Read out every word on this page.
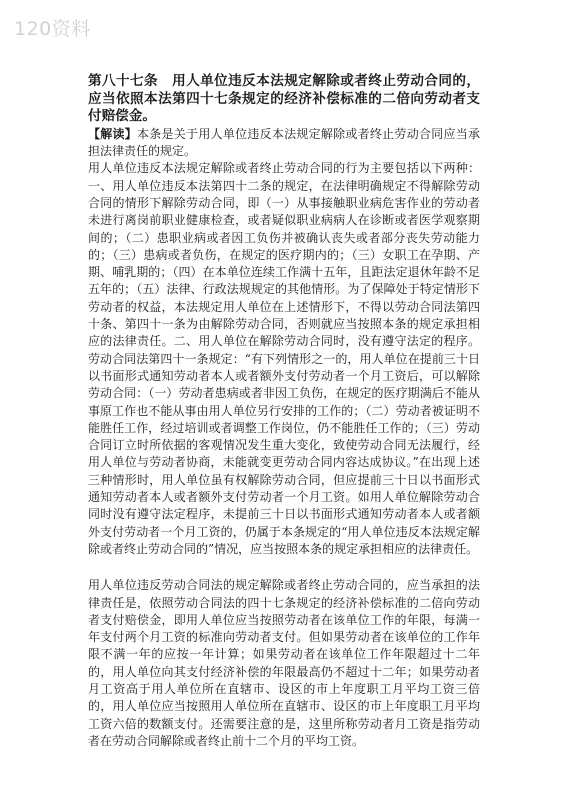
120资料

第八十七条　用人单位违反本法规定解除或者终止劳动合同的，应当依照本法第四十七条规定的经济补偿标准的二倍向劳动者支付赔偿金。

【解读】本条是关于用人单位违反本法规定解除或者终止劳动合同应当承担法律责任的规定。

用人单位违反本法规定解除或者终止劳动合同的行为主要包括以下两种：一、用人单位违反本法第四十二条的规定，在法律明确规定不得解除劳动合同的情形下解除劳动合同，即（一）从事接触职业病危害作业的劳动者未进行离岗前职业健康检查，或者疑似职业病病人在诊断或者医学观察期间的；（二）患职业病或者因工负伤并被确认丧失或者部分丧失劳动能力的；（三）患病或者负伤，在规定的医疗期内的；（三）女职工在孕期、产期、哺乳期的；（四）在本单位连续工作满十五年，且距法定退休年龄不足五年的；（五）法律、行政法规规定的其他情形。为了保障处于特定情形下劳动者的权益，本法规定用人单位在上述情形下，不得以劳动合同法第四十条、第四十一条为由解除劳动合同，否则就应当按照本条的规定承担相应的法律责任。二、用人单位在解除劳动合同时，没有遵守法定的程序。劳动合同法第四十一条规定：“有下列情形之一的，用人单位在提前三十日以书面形式通知劳动者本人或者额外支付劳动者一个月工资后，可以解除劳动合同：（一）劳动者患病或者非因工负伤，在规定的医疗期满后不能从事原工作也不能从事由用人单位另行安排的工作的；（二）劳动者被证明不能胜任工作，经过培训或者调整工作岗位，仍不能胜任工作的；（三）劳动合同订立时所依据的客观情况发生重大变化，致使劳动合同无法履行，经用人单位与劳动者协商，未能就变更劳动合同内容达成协议。”在出现上述三种情形时，用人单位虽有权解除劳动合同，但应提前三十日以书面形式通知劳动者本人或者额外支付劳动者一个月工资。如用人单位解除劳动合同时没有遵守法定程序，未提前三十日以书面形式通知劳动者本人或者额外支付劳动者一个月工资的，仍属于本条规定的“用人单位违反本法规定解除或者终止劳动合同的”情况，应当按照本条的规定承担相应的法律责任。

用人单位违反劳动合同法的规定解除或者终止劳动合同的，应当承担的法律责任是，依照劳动合同法的四十七条规定的经济补偿标准的二倍向劳动者支付赔偿金，即用人单位应当按照劳动者在该单位工作的年限，每满一年支付两个月工资的标准向劳动者支付。但如果劳动者在该单位的工作年限不满一年的应按一年计算；如果劳动者在该单位工作年限超过十二年的，用人单位向其支付经济补偿的年限最高仍不超过十二年；如果劳动者月工资高于用人单位所在直辖市、设区的市上年度职工月平均工资三倍的，用人单位应当按照用人单位所在直辖市、设区的市上年度职工月平均工资六倍的数额支付。还需要注意的是，这里所称劳动者月工资是指劳动者在劳动合同解除或者终止前十二个月的平均工资。
